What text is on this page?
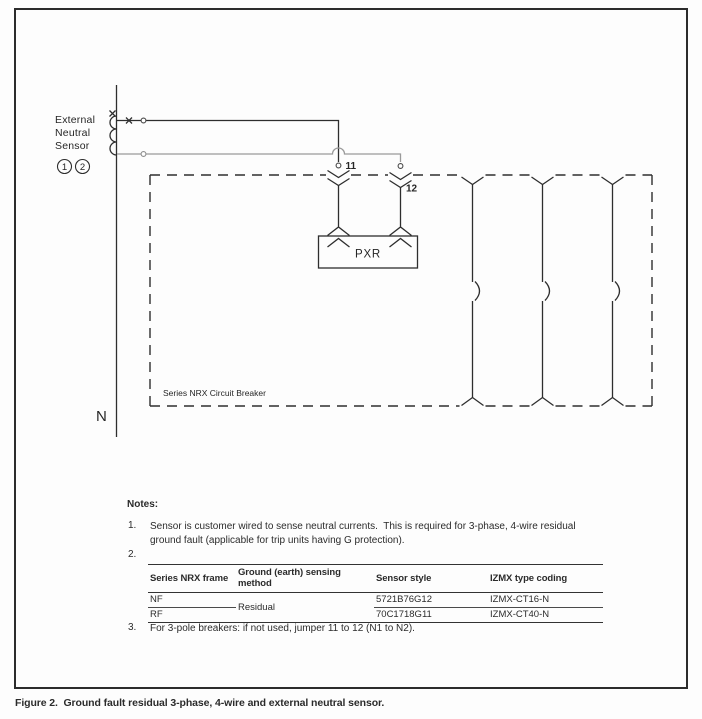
11
12
PXR
External
Neutral
Sensor
1 2
Series NRX Circuit Breaker
N
Notes:
1. Sensor is customer wired to sense neutral currents.  This is required for 3-phase, 4-wire residual ground fault (applicable for trip units having G protection).
2.
Series NRX frame	Ground (earth) sensing method	Sensor style	IZMX type coding
NF	Residual	5721B76G12	IZMX-CT16-N
RF		70C1718G11	IZMX-CT40-N
3. For 3-pole breakers: if not used, jumper 11 to 12 (N1 to N2).
Figure 2.  Ground fault residual 3-phase, 4-wire and external neutral sensor.
